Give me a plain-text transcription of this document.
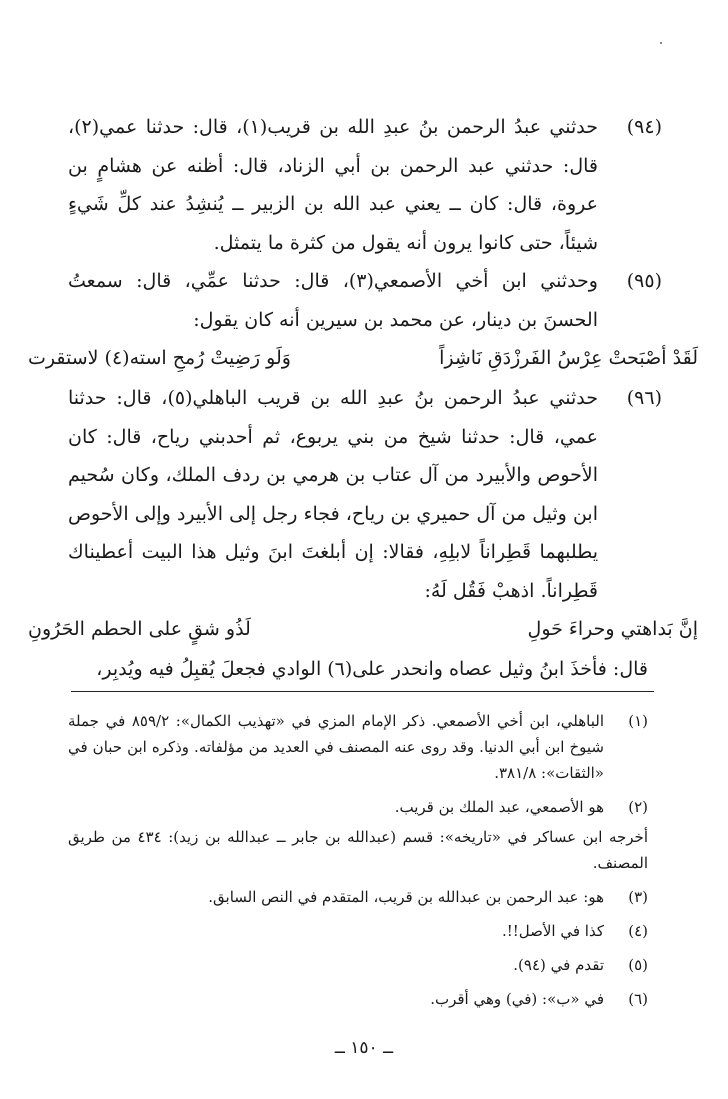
(٩٤)
حدثني عبدُ الرحمن بنُ عبدِ الله بن قريب(١)، قال: حدثنا عمي(٢)، قال: حدثني عبد الرحمن بن أبي الزناد، قال: أظنه عن هشامٍ بن عروة، قال: كان ــ يعني عبد الله بن الزبير ــ يُنشِدُ عند كلِّ شَيءٍ شيئاً، حتى كانوا يرون أنه يقول من كثرة ما يتمثل.
(٩٥)
وحدثني ابن أخي الأصمعي(٣)، قال: حدثنا عمِّي، قال: سمعتُ الحسنَ بن دينار، عن محمد بن سيرين أنه كان يقول:
لَقَدْ أصْبَحتْ عِرْسُ الفَرزْدَقِ نَاشِزاً
وَلَو رَضِيتْ رُمحِ استه(٤) لاستقرت
(٩٦)
حدثني عبدُ الرحمن بنُ عبدِ الله بن قريب الباهلي(٥)، قال: حدثنا عمي، قال: حدثنا شيخ من بني يربوع، ثم أحدبني رياح، قال: كان الأحوص والأبيرد من آل عتاب بن هرمي بن ردف الملك، وكان سُحيم ابن وثيل من آل حميري بن رياح، فجاء رجل إلى الأبيرد وإلى الأحوص يطلبهما قَطِراناً لابلِهِ، فقالا: إن أبلغتَ ابنَ وثيل هذا البيت أعطيناك قَطِراناً. اذهبْ فَقُل لَهُ:
إنَّ بَداهتي وحراءَ حَولِ
لَذُو شقٍ على الحطم الحَرُونِ
قال: فأخذَ ابنُ وثيل عصاه وانحدر على(٦) الوادي فجعلَ يُقبِلُ فيه ويُدبِر،
(١)
الباهلي، ابن أخي الأصمعي. ذكر الإمام المزي في «تهذيب الكمال»: ٨٥٩/٢ في جملة شيوخ ابن أبي الدنيا. وقد روى عنه المصنف في العديد من مؤلفاته. وذكره ابن حبان في «الثقات»: ٣٨١/٨.
(٢)
هو الأصمعي، عبد الملك بن قريب.
أخرجه ابن عساكر في «تاريخه»: قسم (عبدالله بن جابر ــ عبدالله بن زيد): ٤٣٤ من طريق المصنف.
(٣)
هو: عبد الرحمن بن عبدالله بن قريب، المتقدم في النص السابق.
(٤)
كذا في الأصل!!.
(٥)
تقدم في (٩٤).
(٦)
في «ب»: (في) وهي أقرب.
ــ ١٥٠ ــ
